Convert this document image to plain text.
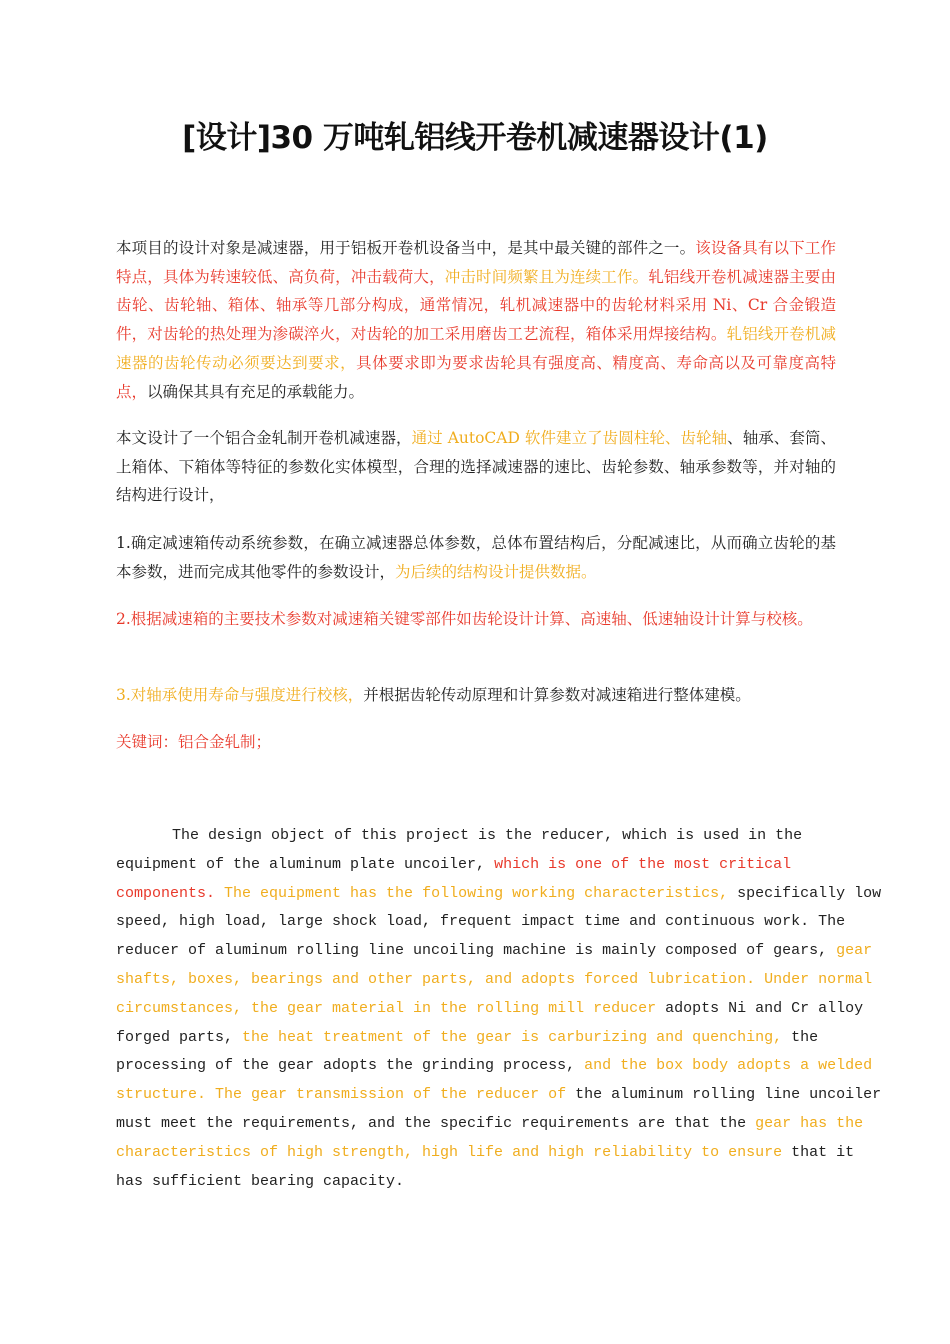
[设计]30 万吨轧铝线开卷机减速器设计(1)

本项目的设计对象是减速器，用于铝板开卷机设备当中，是其中最关键的部件之一。该设备具有以下工作特点，具体为转速较低、高负荷，冲击载荷大，冲击时间频繁且为连续工作。轧铝线开卷机减速器主要由齿轮、齿轮轴、箱体、轴承等几部分构成，通常情况，轧机减速器中的齿轮材料采用 Ni、Cr 合金锻造件，对齿轮的热处理为渗碳淬火，对齿轮的加工采用磨齿工艺流程，箱体采用焊接结构。轧铝线开卷机减速器的齿轮传动必须要达到要求，具体要求即为要求齿轮具有强度高、精度高、寿命高以及可靠度高特点，以确保其具有充足的承载能力。

本文设计了一个铝合金轧制开卷机减速器，通过 AutoCAD 软件建立了齿圆柱轮、齿轮轴、轴承、套筒、上箱体、下箱体等特征的参数化实体模型，合理的选择减速器的速比、齿轮参数、轴承参数等，并对轴的结构进行设计，

1.确定减速箱传动系统参数，在确立减速器总体参数，总体布置结构后，分配减速比，从而确立齿轮的基本参数，进而完成其他零件的参数设计，为后续的结构设计提供数据。

2.根据减速箱的主要技术参数对减速箱关键零部件如齿轮设计计算、高速轴、低速轴设计计算与校核。

3.对轴承使用寿命与强度进行校核，并根据齿轮传动原理和计算参数对减速箱进行整体建模。

关键词：铝合金轧制；

The design object of this project is the reducer, which is used in the
equipment of the aluminum plate uncoiler, which is one of the most critical
components. The equipment has the following working characteristics, specifically low
speed, high load, large shock load, frequent impact time and continuous work. The
reducer of aluminum rolling line uncoiling machine is mainly composed of gears, gear
shafts, boxes, bearings and other parts, and adopts forced lubrication. Under normal
circumstances, the gear material in the rolling mill reducer adopts Ni and Cr alloy
forged parts, the heat treatment of the gear is carburizing and quenching, the
processing of the gear adopts the grinding process, and the box body adopts a welded
structure. The gear transmission of the reducer of the aluminum rolling line uncoiler
must meet the requirements, and the specific requirements are that the gear has the
characteristics of high strength, high life and high reliability to ensure that it
has sufficient bearing capacity.
